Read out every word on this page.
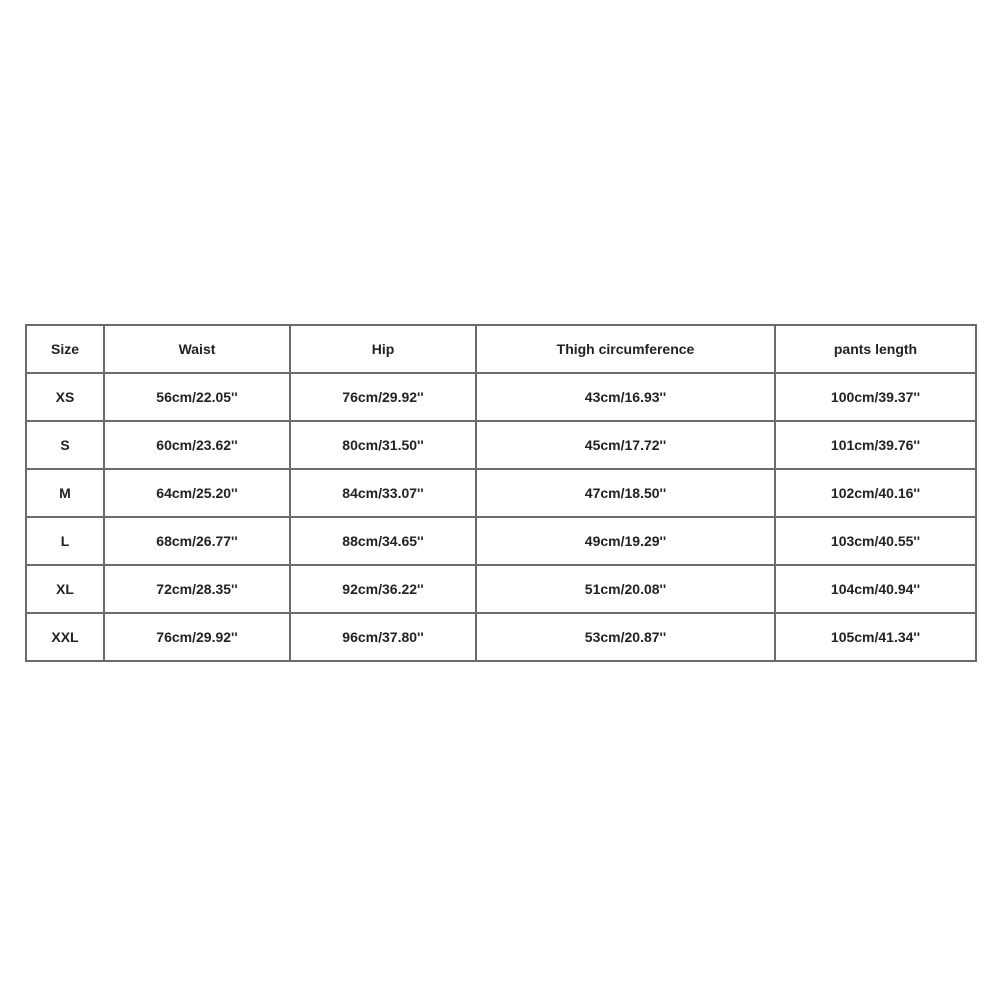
Size	Waist	Hip	Thigh circumference	pants length
XS	56cm/22.05''	76cm/29.92''	43cm/16.93''	100cm/39.37''
S	60cm/23.62''	80cm/31.50''	45cm/17.72''	101cm/39.76''
M	64cm/25.20''	84cm/33.07''	47cm/18.50''	102cm/40.16''
L	68cm/26.77''	88cm/34.65''	49cm/19.29''	103cm/40.55''
XL	72cm/28.35''	92cm/36.22''	51cm/20.08''	104cm/40.94''
XXL	76cm/29.92''	96cm/37.80''	53cm/20.87''	105cm/41.34''
